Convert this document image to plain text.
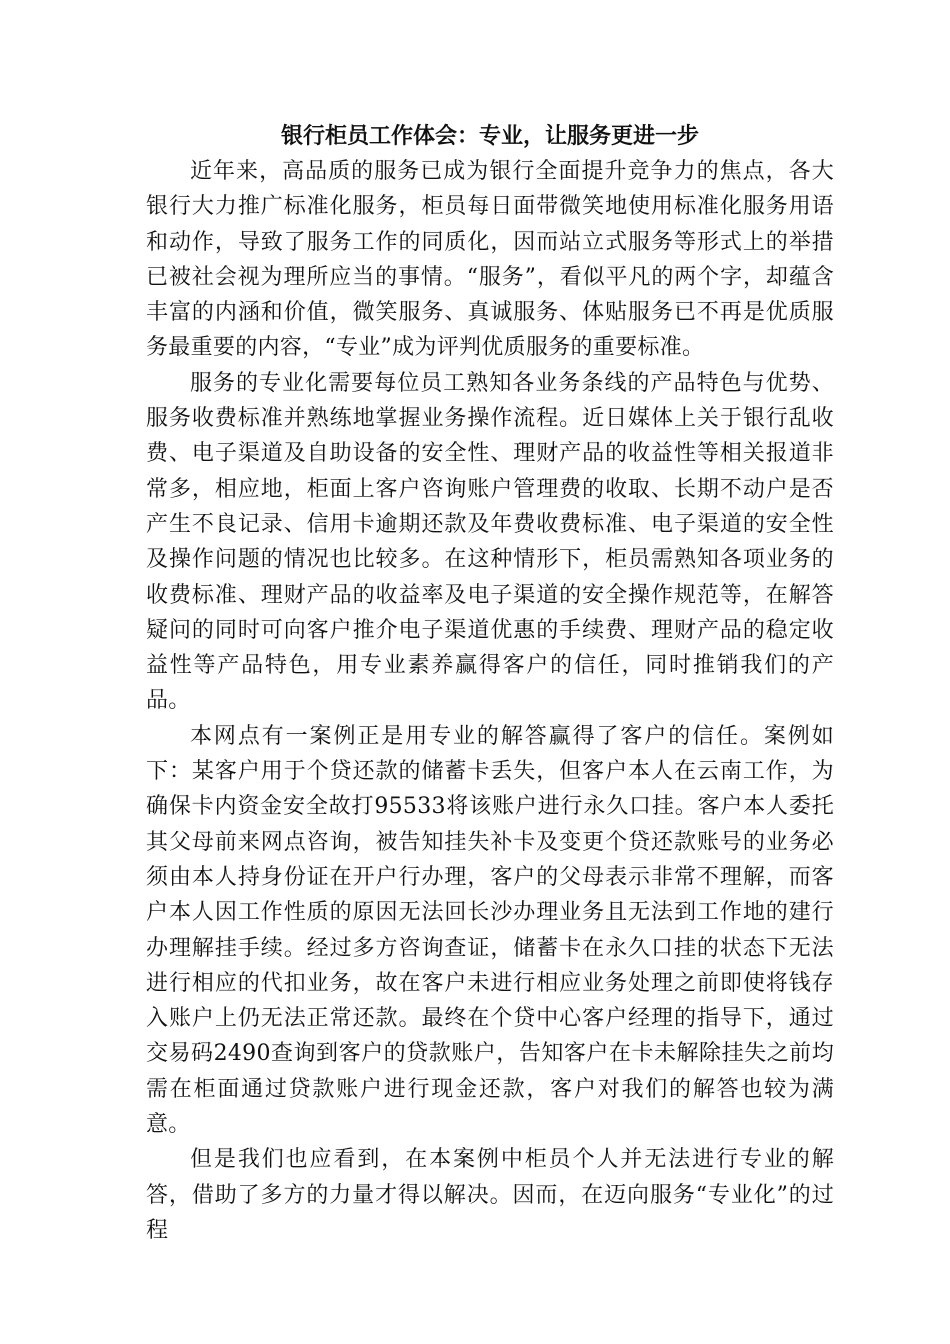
银行柜员工作体会：专业，让服务更进一步

近年来，高品质的服务已成为银行全面提升竞争力的焦点，各大银行大力推广标准化服务，柜员每日面带微笑地使用标准化服务用语和动作，导致了服务工作的同质化，因而站立式服务等形式上的举措已被社会视为理所应当的事情。“服务”，看似平凡的两个字，却蕴含丰富的内涵和价值，微笑服务、真诚服务、体贴服务已不再是优质服务最重要的内容，“专业”成为评判优质服务的重要标准。

服务的专业化需要每位员工熟知各业务条线的产品特色与优势、服务收费标准并熟练地掌握业务操作流程。近日媒体上关于银行乱收费、电子渠道及自助设备的安全性、理财产品的收益性等相关报道非常多，相应地，柜面上客户咨询账户管理费的收取、长期不动户是否产生不良记录、信用卡逾期还款及年费收费标准、电子渠道的安全性及操作问题的情况也比较多。在这种情形下，柜员需熟知各项业务的收费标准、理财产品的收益率及电子渠道的安全操作规范等，在解答疑问的同时可向客户推介电子渠道优惠的手续费、理财产品的稳定收益性等产品特色，用专业素养赢得客户的信任，同时推销我们的产品。

本网点有一案例正是用专业的解答赢得了客户的信任。案例如下：某客户用于个贷还款的储蓄卡丢失，但客户本人在云南工作，为确保卡内资金安全故打95533将该账户进行永久口挂。客户本人委托其父母前来网点咨询，被告知挂失补卡及变更个贷还款账号的业务必须由本人持身份证在开户行办理，客户的父母表示非常不理解，而客户本人因工作性质的原因无法回长沙办理业务且无法到工作地的建行办理解挂手续。经过多方咨询查证，储蓄卡在永久口挂的状态下无法进行相应的代扣业务，故在客户未进行相应业务处理之前即使将钱存入账户上仍无法正常还款。最终在个贷中心客户经理的指导下，通过交易码2490查询到客户的贷款账户，告知客户在卡未解除挂失之前均需在柜面通过贷款账户进行现金还款，客户对我们的解答也较为满意。

但是我们也应看到，在本案例中柜员个人并无法进行专业的解答，借助了多方的力量才得以解决。因而，在迈向服务“专业化”的过程
